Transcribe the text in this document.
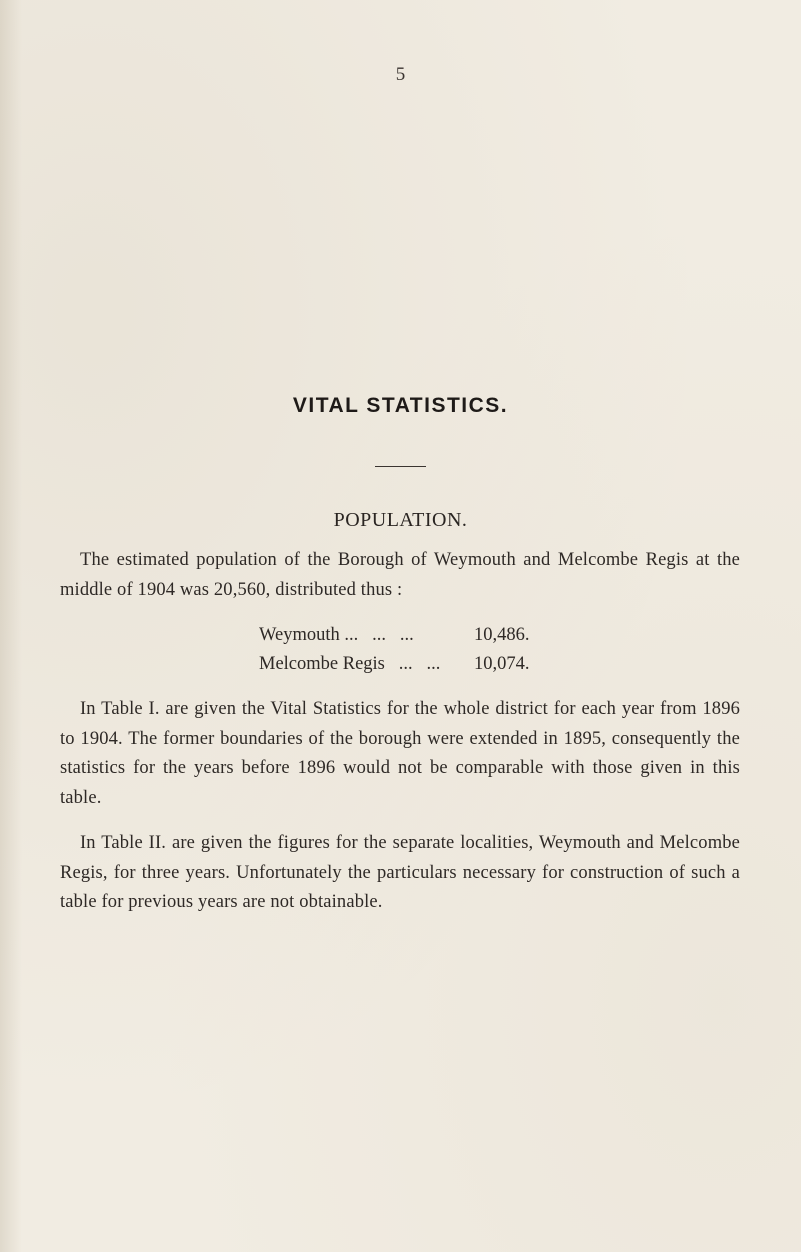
5
VITAL STATISTICS.
POPULATION.
The estimated population of the Borough of Weymouth and Melcombe Regis at the middle of 1904 was 20,560, distributed thus :
Weymouth ...   ...   ...	10,486.
Melcombe Regis   ...   ...	10,074.
In Table I. are given the Vital Statistics for the whole district for each year from 1896 to 1904. The former boundaries of the borough were extended in 1895, consequently the statistics for the years before 1896 would not be comparable with those given in this table.
In Table II. are given the figures for the separate localities, Weymouth and Melcombe Regis, for three years. Unfortunately the particulars necessary for construction of such a table for previous years are not obtainable.
